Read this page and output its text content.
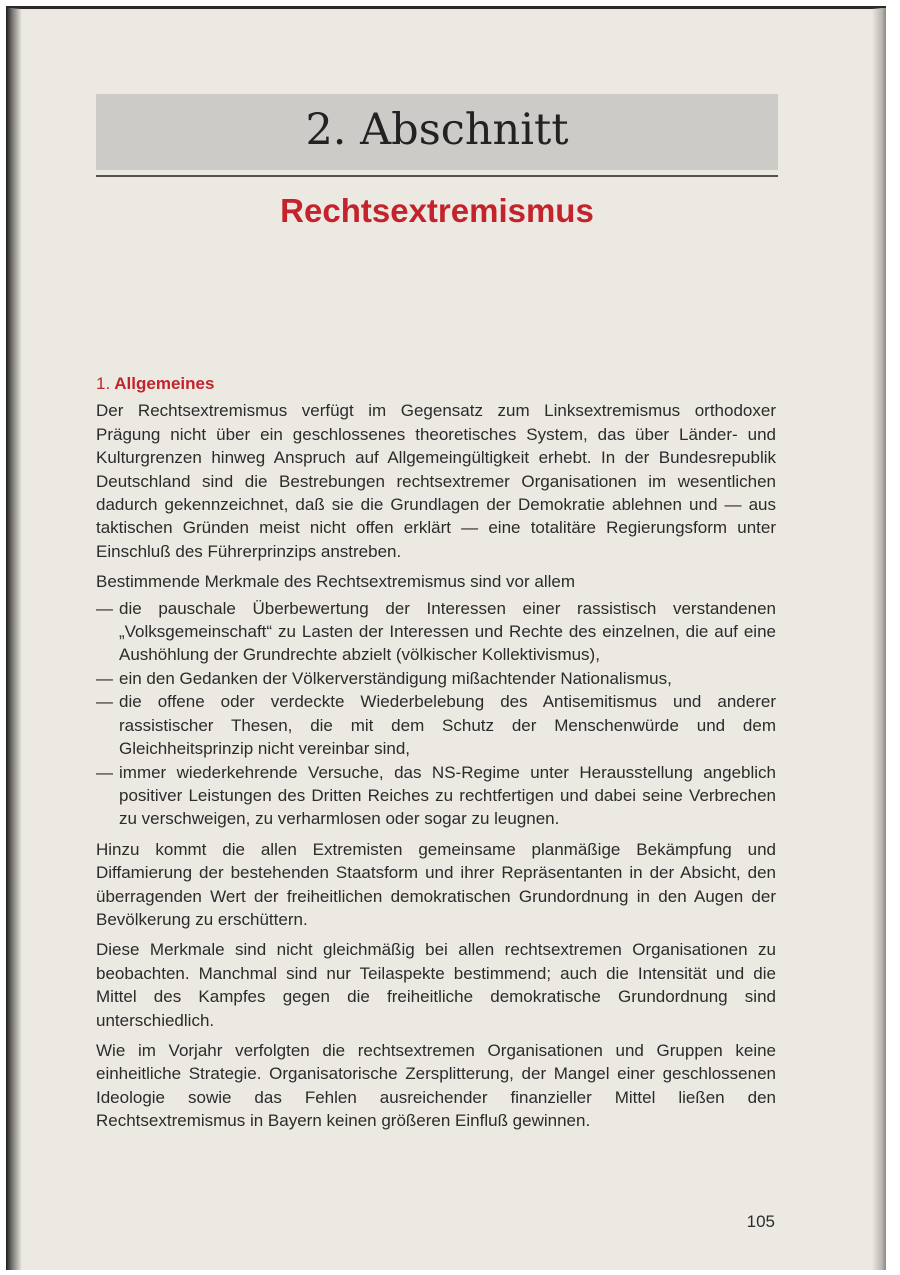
2. Abschnitt
Rechtsextremismus
1. Allgemeines

Der Rechtsextremismus verfügt im Gegensatz zum Linksextremismus orthodoxer Prägung nicht über ein geschlossenes theoretisches System, das über Länder- und Kulturgrenzen hinweg Anspruch auf Allgemeingültigkeit erhebt. In der Bundesrepublik Deutschland sind die Bestrebungen rechtsextremer Organisationen im wesentlichen dadurch gekennzeichnet, daß sie die Grundlagen der Demokratie ablehnen und — aus taktischen Gründen meist nicht offen erklärt — eine totalitäre Regierungsform unter Einschluß des Führerprinzips anstreben.

Bestimmende Merkmale des Rechtsextremismus sind vor allem

— die pauschale Überbewertung der Interessen einer rassistisch verstandenen „Volksgemeinschaft“ zu Lasten der Interessen und Rechte des einzelnen, die auf eine Aushöhlung der Grundrechte abzielt (völkischer Kollektivismus),
— ein den Gedanken der Völkerverständigung mißachtender Nationalismus,
— die offene oder verdeckte Wiederbelebung des Antisemitismus und anderer rassistischer Thesen, die mit dem Schutz der Menschenwürde und dem Gleichheitsprinzip nicht vereinbar sind,
— immer wiederkehrende Versuche, das NS-Regime unter Herausstellung angeblich positiver Leistungen des Dritten Reiches zu rechtfertigen und dabei seine Verbrechen zu verschweigen, zu verharmlosen oder sogar zu leugnen.

Hinzu kommt die allen Extremisten gemeinsame planmäßige Bekämpfung und Diffamierung der bestehenden Staatsform und ihrer Repräsentanten in der Absicht, den überragenden Wert der freiheitlichen demokratischen Grundordnung in den Augen der Bevölkerung zu erschüttern.

Diese Merkmale sind nicht gleichmäßig bei allen rechtsextremen Organisationen zu beobachten. Manchmal sind nur Teilaspekte bestimmend; auch die Intensität und die Mittel des Kampfes gegen die freiheitliche demokratische Grundordnung sind unterschiedlich.

Wie im Vorjahr verfolgten die rechtsextremen Organisationen und Gruppen keine einheitliche Strategie. Organisatorische Zersplitterung, der Mangel einer geschlossenen Ideologie sowie das Fehlen ausreichender finanzieller Mittel ließen den Rechtsextremismus in Bayern keinen größeren Einfluß gewinnen.

105
